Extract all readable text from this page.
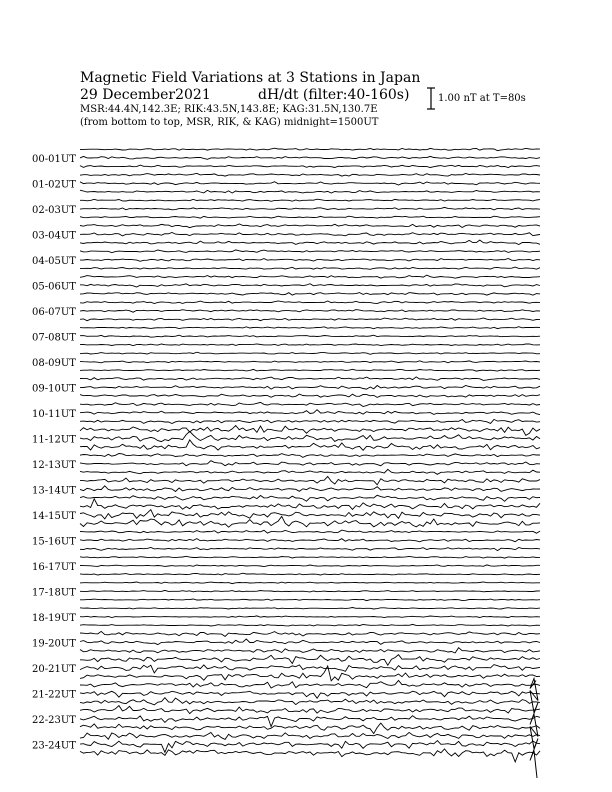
Magnetic Field Variations at 3 Stations in Japan
29 December2021	dH/dt (filter:40-160s)
MSR:44.4N,142.3E; RIK:43.5N,143.8E; KAG:31.5N,130.7E
(from bottom to top, MSR, RIK, & KAG) midnight=1500UT
1.00 nT at T=80s
00-01UT
01-02UT
02-03UT
03-04UT
04-05UT
05-06UT
06-07UT
07-08UT
08-09UT
09-10UT
10-11UT
11-12UT
12-13UT
13-14UT
14-15UT
15-16UT
16-17UT
17-18UT
18-19UT
19-20UT
20-21UT
21-22UT
22-23UT
23-24UT
